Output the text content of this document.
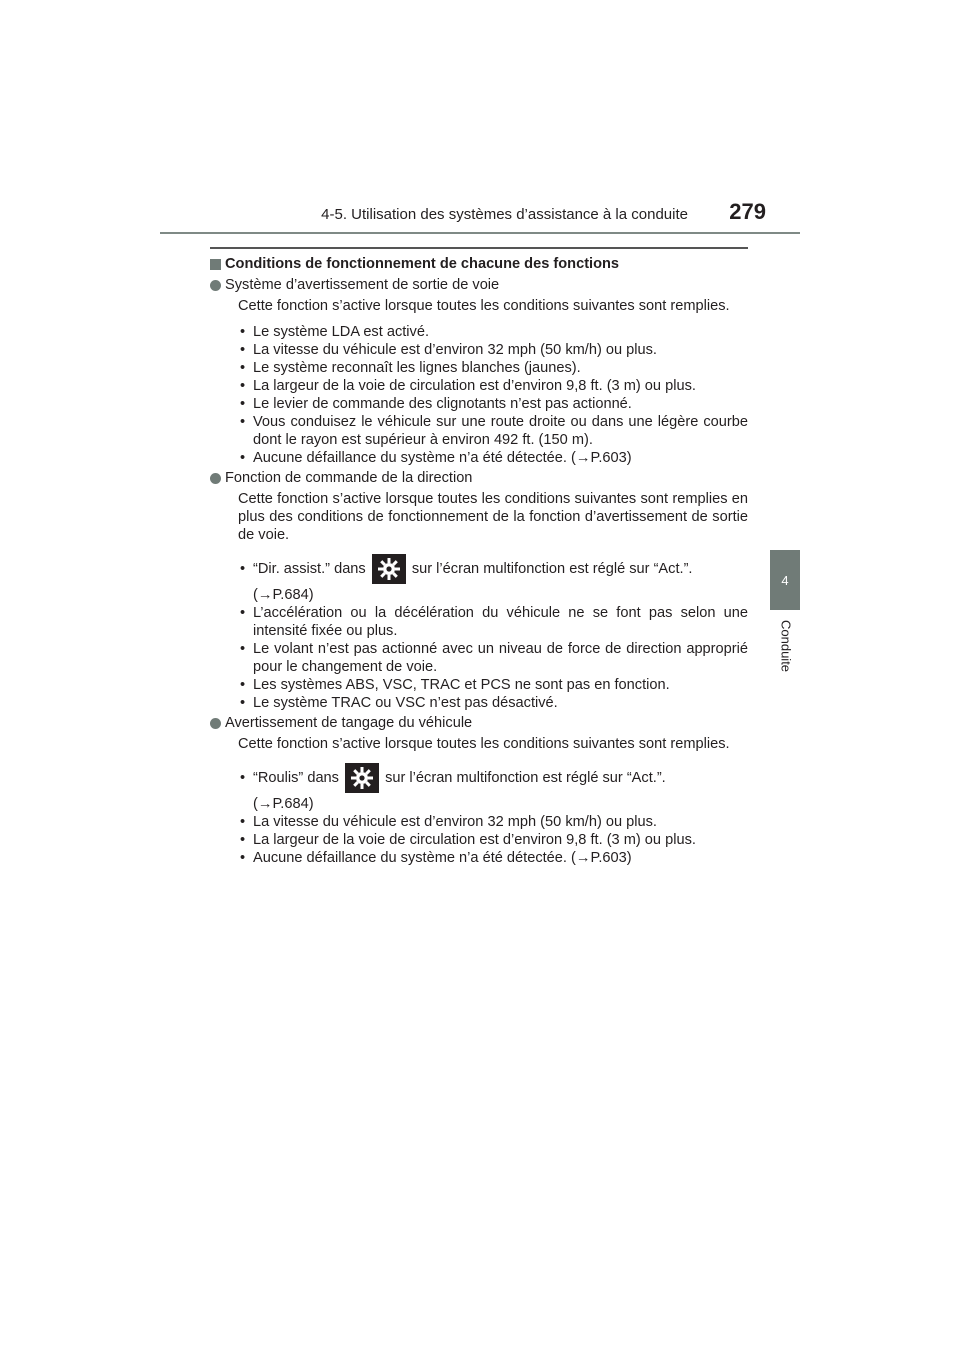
4-5. Utilisation des systèmes d’assistance à la conduite	279
4
Conduite
Conditions de fonctionnement de chacune des fonctions
Système d’avertissement de sortie de voie

Cette fonction s’active lorsque toutes les conditions suivantes sont remplies.

• Le système LDA est activé.
• La vitesse du véhicule est d’environ 32 mph (50 km/h) ou plus.
• Le système reconnaît les lignes blanches (jaunes).
• La largeur de la voie de circulation est d’environ 9,8 ft. (3 m) ou plus.
• Le levier de commande des clignotants n’est pas actionné.
• Vous conduisez le véhicule sur une route droite ou dans une légère courbe dont le rayon est supérieur à environ 492 ft. (150 m).
• Aucune défaillance du système n’a été détectée. (→P.603)
Fonction de commande de la direction

Cette fonction s’active lorsque toutes les conditions suivantes sont remplies en plus des conditions de fonctionnement de la fonction d’avertissement de sortie de voie.

• “Dir. assist.” dans	sur l’écran multifonction est réglé sur “Act.”.
(→P.684)
• L’accélération ou la décélération du véhicule ne se font pas selon une intensité fixée ou plus.
• Le volant n’est pas actionné avec un niveau de force de direction approprié pour le changement de voie.
• Les systèmes ABS, VSC, TRAC et PCS ne sont pas en fonction.
• Le système TRAC ou VSC n’est pas désactivé.
Avertissement de tangage du véhicule

Cette fonction s’active lorsque toutes les conditions suivantes sont remplies.

• “Roulis” dans	sur l’écran multifonction est réglé sur “Act.”.
(→P.684)
• La vitesse du véhicule est d’environ 32 mph (50 km/h) ou plus.
• La largeur de la voie de circulation est d’environ 9,8 ft. (3 m) ou plus.
• Aucune défaillance du système n’a été détectée. (→P.603)
